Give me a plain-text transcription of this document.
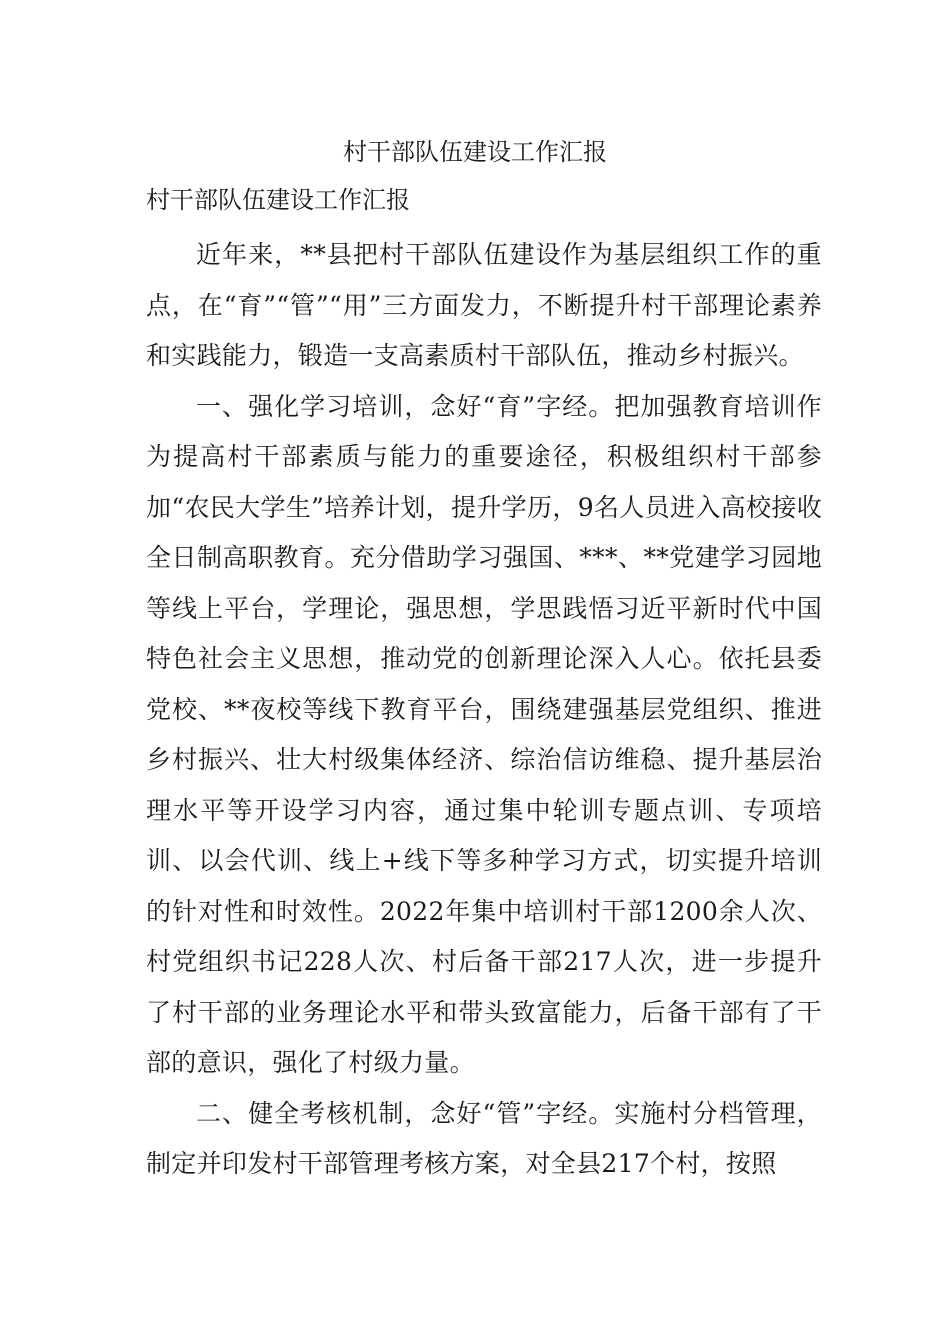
村干部队伍建设工作汇报
村干部队伍建设工作汇报

近年来，**县把村干部队伍建设作为基层组织工作的重点，在“育”“管”“用”三方面发力，不断提升村干部理论素养和实践能力，锻造一支高素质村干部队伍，推动乡村振兴。

一、强化学习培训，念好“育”字经。把加强教育培训作为提高村干部素质与能力的重要途径，积极组织村干部参加“农民大学生”培养计划，提升学历，9名人员进入高校接收全日制高职教育。充分借助学习强国、***、**党建学习园地等线上平台，学理论，强思想，学思践悟习近平新时代中国特色社会主义思想，推动党的创新理论深入人心。依托县委党校、**夜校等线下教育平台，围绕建强基层党组织、推进乡村振兴、壮大村级集体经济、综治信访维稳、提升基层治理水平等开设学习内容，通过集中轮训专题点训、专项培训、以会代训、线上+线下等多种学习方式，切实提升培训的针对性和时效性。2022年集中培训村干部1200余人次、村党组织书记228人次、村后备干部217人次，进一步提升了村干部的业务理论水平和带头致富能力，后备干部有了干部的意识，强化了村级力量。

二、健全考核机制，念好“管”字经。实施村分档管理，制定并印发村干部管理考核方案，对全县217个村，按照
